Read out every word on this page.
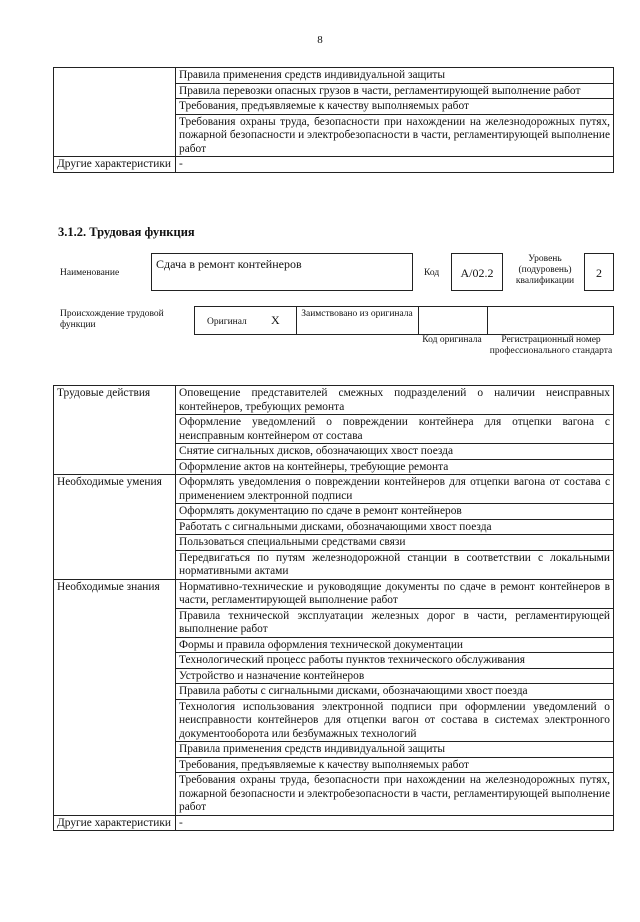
8
	Правила применения средств индивидуальной защиты
	Правила перевозки опасных грузов в части, регламентирующей выполнение работ
	Требования, предъявляемые к качеству выполняемых работ
	Требования охраны труда, безопасности при нахождении на железнодорожных путях, пожарной безопасности и электробезопасности в части, регламентирующей выполнение работ
Другие характеристики	-
3.1.2. Трудовая функция
Наименование
Сдача в ремонт контейнеров
Код	А/02.2
Уровень (подуровень) квалификации
2
Происхождение трудовой функции	Оригинал X Заимствовано из оригинала
Код оригинала	Регистрационный номер профессионального стандарта
Трудовые действия	Оповещение представителей смежных подразделений о наличии неисправных контейнеров, требующих ремонта
	Оформление уведомлений о повреждении контейнера для отцепки вагона с неисправным контейнером от состава
	Снятие сигнальных дисков, обозначающих хвост поезда
	Оформление актов на контейнеры, требующие ремонта
Необходимые умения	Оформлять уведомления о повреждении контейнеров для отцепки вагона от состава с применением электронной подписи
	Оформлять документацию по сдаче в ремонт контейнеров
	Работать с сигнальными дисками, обозначающими хвост поезда
	Пользоваться специальными средствами связи
	Передвигаться по путям железнодорожной станции в соответствии с локальными нормативными актами
Необходимые знания	Нормативно-технические и руководящие документы по сдаче в ремонт контейнеров в части, регламентирующей выполнение работ
	Правила технической эксплуатации железных дорог в части, регламентирующей выполнение работ
	Формы и правила оформления технической документации
	Технологический процесс работы пунктов технического обслуживания
	Устройство и назначение контейнеров
	Правила работы с сигнальными дисками, обозначающими хвост поезда
	Технология использования электронной подписи при оформлении уведомлений о неисправности контейнеров для отцепки вагон от состава в системах электронного документооборота или безбумажных технологий
	Правила применения средств индивидуальной защиты
	Требования, предъявляемые к качеству выполняемых работ
	Требования охраны труда, безопасности при нахождении на железнодорожных путях, пожарной безопасности и электробезопасности в части, регламентирующей выполнение работ
Другие характеристики	-
